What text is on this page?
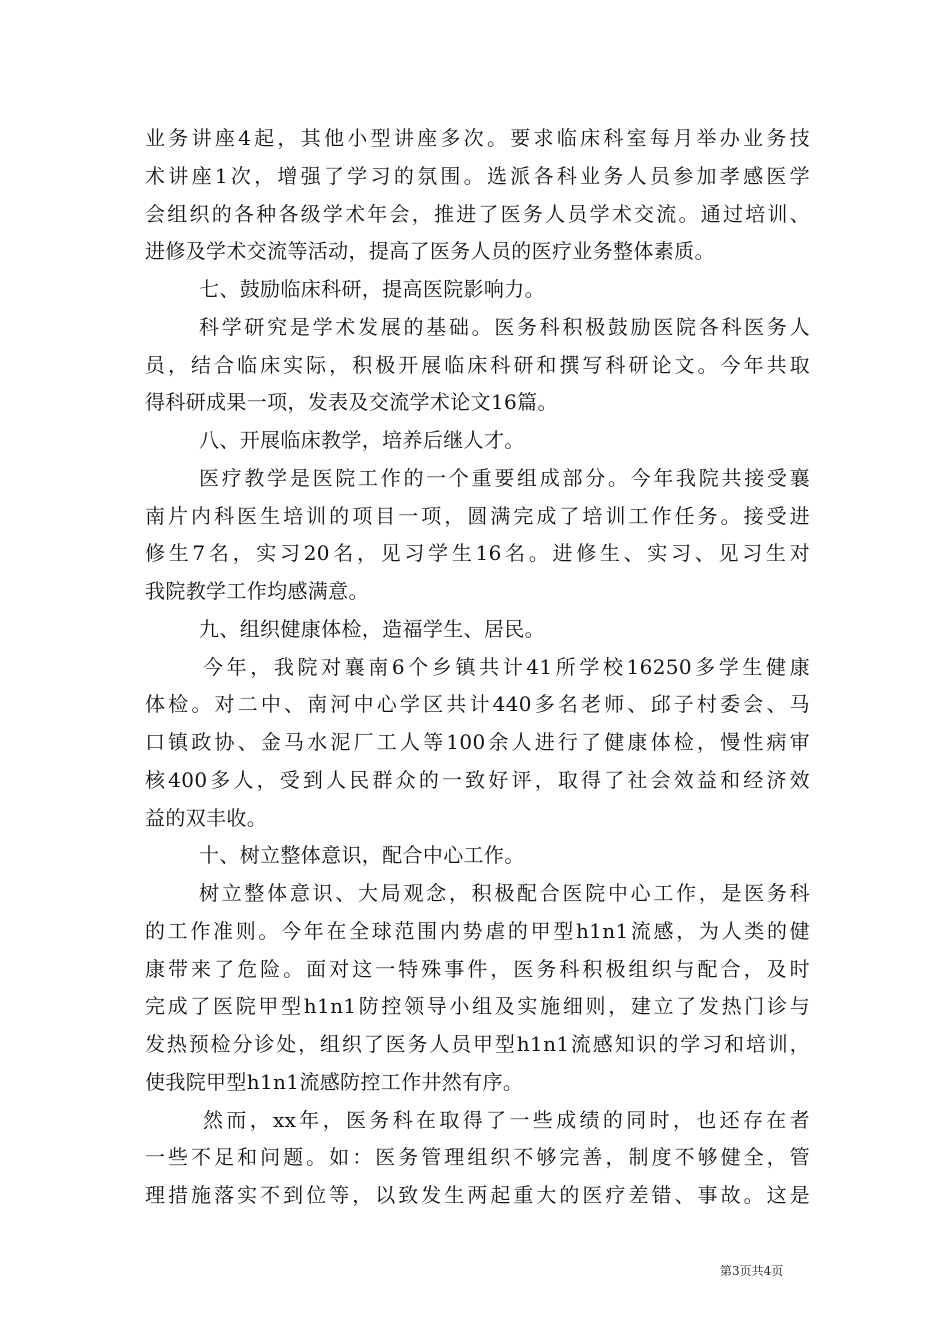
业务讲座4起，其他小型讲座多次。要求临床科室每月举办业务技
术讲座1次，增强了学习的氛围。选派各科业务人员参加孝感医学
会组织的各种各级学术年会，推进了医务人员学术交流。通过培训、
进修及学术交流等活动，提高了医务人员的医疗业务整体素质。
七、鼓励临床科研，提高医院影响力。
科学研究是学术发展的基础。医务科积极鼓励医院各科医务人
员，结合临床实际，积极开展临床科研和撰写科研论文。今年共取
得科研成果一项，发表及交流学术论文16篇。
八、开展临床教学，培养后继人才。
医疗教学是医院工作的一个重要组成部分。今年我院共接受襄
南片内科医生培训的项目一项，圆满完成了培训工作任务。接受进
修生7名，实习20名，见习学生16名。进修生、实习、见习生对
我院教学工作均感满意。
九、组织健康体检，造福学生、居民。
今年，我院对襄南6个乡镇共计41所学校16250多学生健康
体检。对二中、南河中心学区共计440多名老师、邱子村委会、马
口镇政协、金马水泥厂工人等100余人进行了健康体检，慢性病审
核400多人，受到人民群众的一致好评，取得了社会效益和经济效
益的双丰收。
十、树立整体意识，配合中心工作。
树立整体意识、大局观念，积极配合医院中心工作，是医务科
的工作准则。今年在全球范围内势虐的甲型h1n1流感，为人类的健
康带来了危险。面对这一特殊事件，医务科积极组织与配合，及时
完成了医院甲型h1n1防控领导小组及实施细则，建立了发热门诊与
发热预检分诊处，组织了医务人员甲型h1n1流感知识的学习和培训，
使我院甲型h1n1流感防控工作井然有序。
然而，xx年，医务科在取得了一些成绩的同时，也还存在者
一些不足和问题。如：医务管理组织不够完善，制度不够健全，管
理措施落实不到位等，以致发生两起重大的医疗差错、事故。这是
第3页共4页
